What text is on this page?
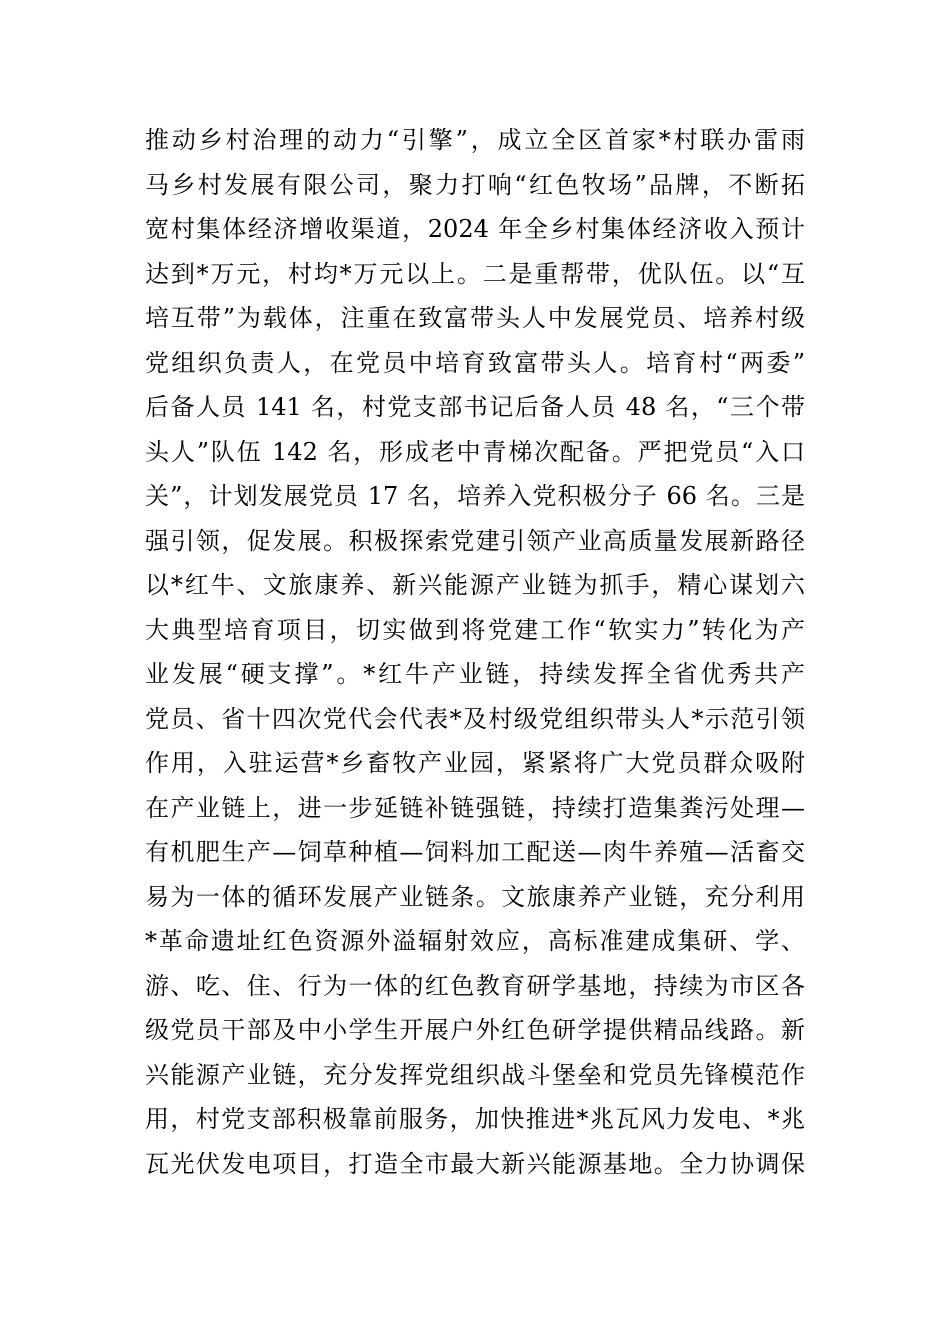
推动乡村治理的动力“引擎”，成立全区首家*村联办雷雨
马乡村发展有限公司，聚力打响“红色牧场”品牌，不断拓
宽村集体经济增收渠道，2024 年全乡村集体经济收入预计
达到*万元，村均*万元以上。二是重帮带，优队伍。以“互
培互带”为载体，注重在致富带头人中发展党员、培养村级
党组织负责人，在党员中培育致富带头人。培育村“两委”
后备人员 141 名，村党支部书记后备人员 48 名，“三个带
头人”队伍 142 名，形成老中青梯次配备。严把党员“入口
关”，计划发展党员 17 名，培养入党积极分子 66 名。三是
强引领，促发展。积极探索党建引领产业高质量发展新路径
以*红牛、文旅康养、新兴能源产业链为抓手，精心谋划六
大典型培育项目，切实做到将党建工作“软实力”转化为产
业发展“硬支撑”。*红牛产业链，持续发挥全省优秀共产
党员、省十四次党代会代表*及村级党组织带头人*示范引领
作用，入驻运营*乡畜牧产业园，紧紧将广大党员群众吸附
在产业链上，进一步延链补链强链，持续打造集粪污处理—
有机肥生产—饲草种植—饲料加工配送—肉牛养殖—活畜交
易为一体的循环发展产业链条。文旅康养产业链，充分利用
*革命遗址红色资源外溢辐射效应，高标准建成集研、学、
游、吃、住、行为一体的红色教育研学基地，持续为市区各
级党员干部及中小学生开展户外红色研学提供精品线路。新
兴能源产业链，充分发挥党组织战斗堡垒和党员先锋模范作
用，村党支部积极靠前服务，加快推进*兆瓦风力发电、*兆
瓦光伏发电项目，打造全市最大新兴能源基地。全力协调保
